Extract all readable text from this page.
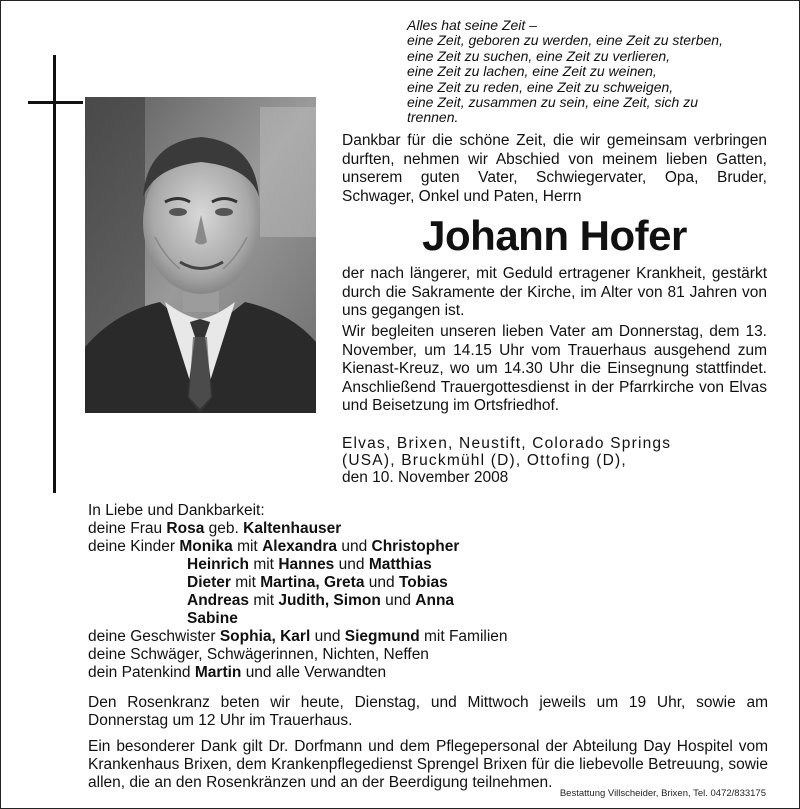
Alles hat seine Zeit –
eine Zeit, geboren zu werden, eine Zeit zu sterben,
eine Zeit zu suchen, eine Zeit zu verlieren,
eine Zeit zu lachen, eine Zeit zu weinen,
eine Zeit zu reden, eine Zeit zu schweigen,
eine Zeit, zusammen zu sein, eine Zeit, sich zu
trennen.
Dankbar für die schöne Zeit, die wir gemeinsam verbringen durften, nehmen wir Abschied von meinem lieben Gatten, unserem guten Vater, Schwiegervater, Opa, Bruder, Schwager, Onkel und Paten, Herrn
Johann Hofer
der nach längerer, mit Geduld ertragener Krankheit, gestärkt durch die Sakramente der Kirche, im Alter von 81 Jahren von uns gegangen ist.
Wir begleiten unseren lieben Vater am Donnerstag, dem 13. November, um 14.15 Uhr vom Trauerhaus ausgehend zum Kienast-Kreuz, wo um 14.30 Uhr die Einsegnung stattfindet. Anschließend Trauergottesdienst in der Pfarrkirche von Elvas und Beisetzung im Ortsfriedhof.
Elvas, Brixen, Neustift, Colorado Springs
(USA), Bruckmühl (D), Ottofing (D),
den 10. November 2008
In Liebe und Dankbarkeit:
deine Frau Rosa geb. Kaltenhauser
deine Kinder Monika mit Alexandra und Christopher
Heinrich mit Hannes und Matthias
Dieter mit Martina, Greta und Tobias
Andreas mit Judith, Simon und Anna
Sabine
deine Geschwister Sophia, Karl und Siegmund mit Familien
deine Schwäger, Schwägerinnen, Nichten, Neffen
dein Patenkind Martin und alle Verwandten
Den Rosenkranz beten wir heute, Dienstag, und Mittwoch jeweils um 19 Uhr, sowie am Donnerstag um 12 Uhr im Trauerhaus.
Ein besonderer Dank gilt Dr. Dorfmann und dem Pflegepersonal der Abteilung Day Hospitel vom Krankenhaus Brixen, dem Krankenpflegedienst Sprengel Brixen für die liebevolle Betreuung, sowie allen, die an den Rosenkränzen und an der Beerdigung teilnehmen.
Bestattung Villscheider, Brixen, Tel. 0472/833175
